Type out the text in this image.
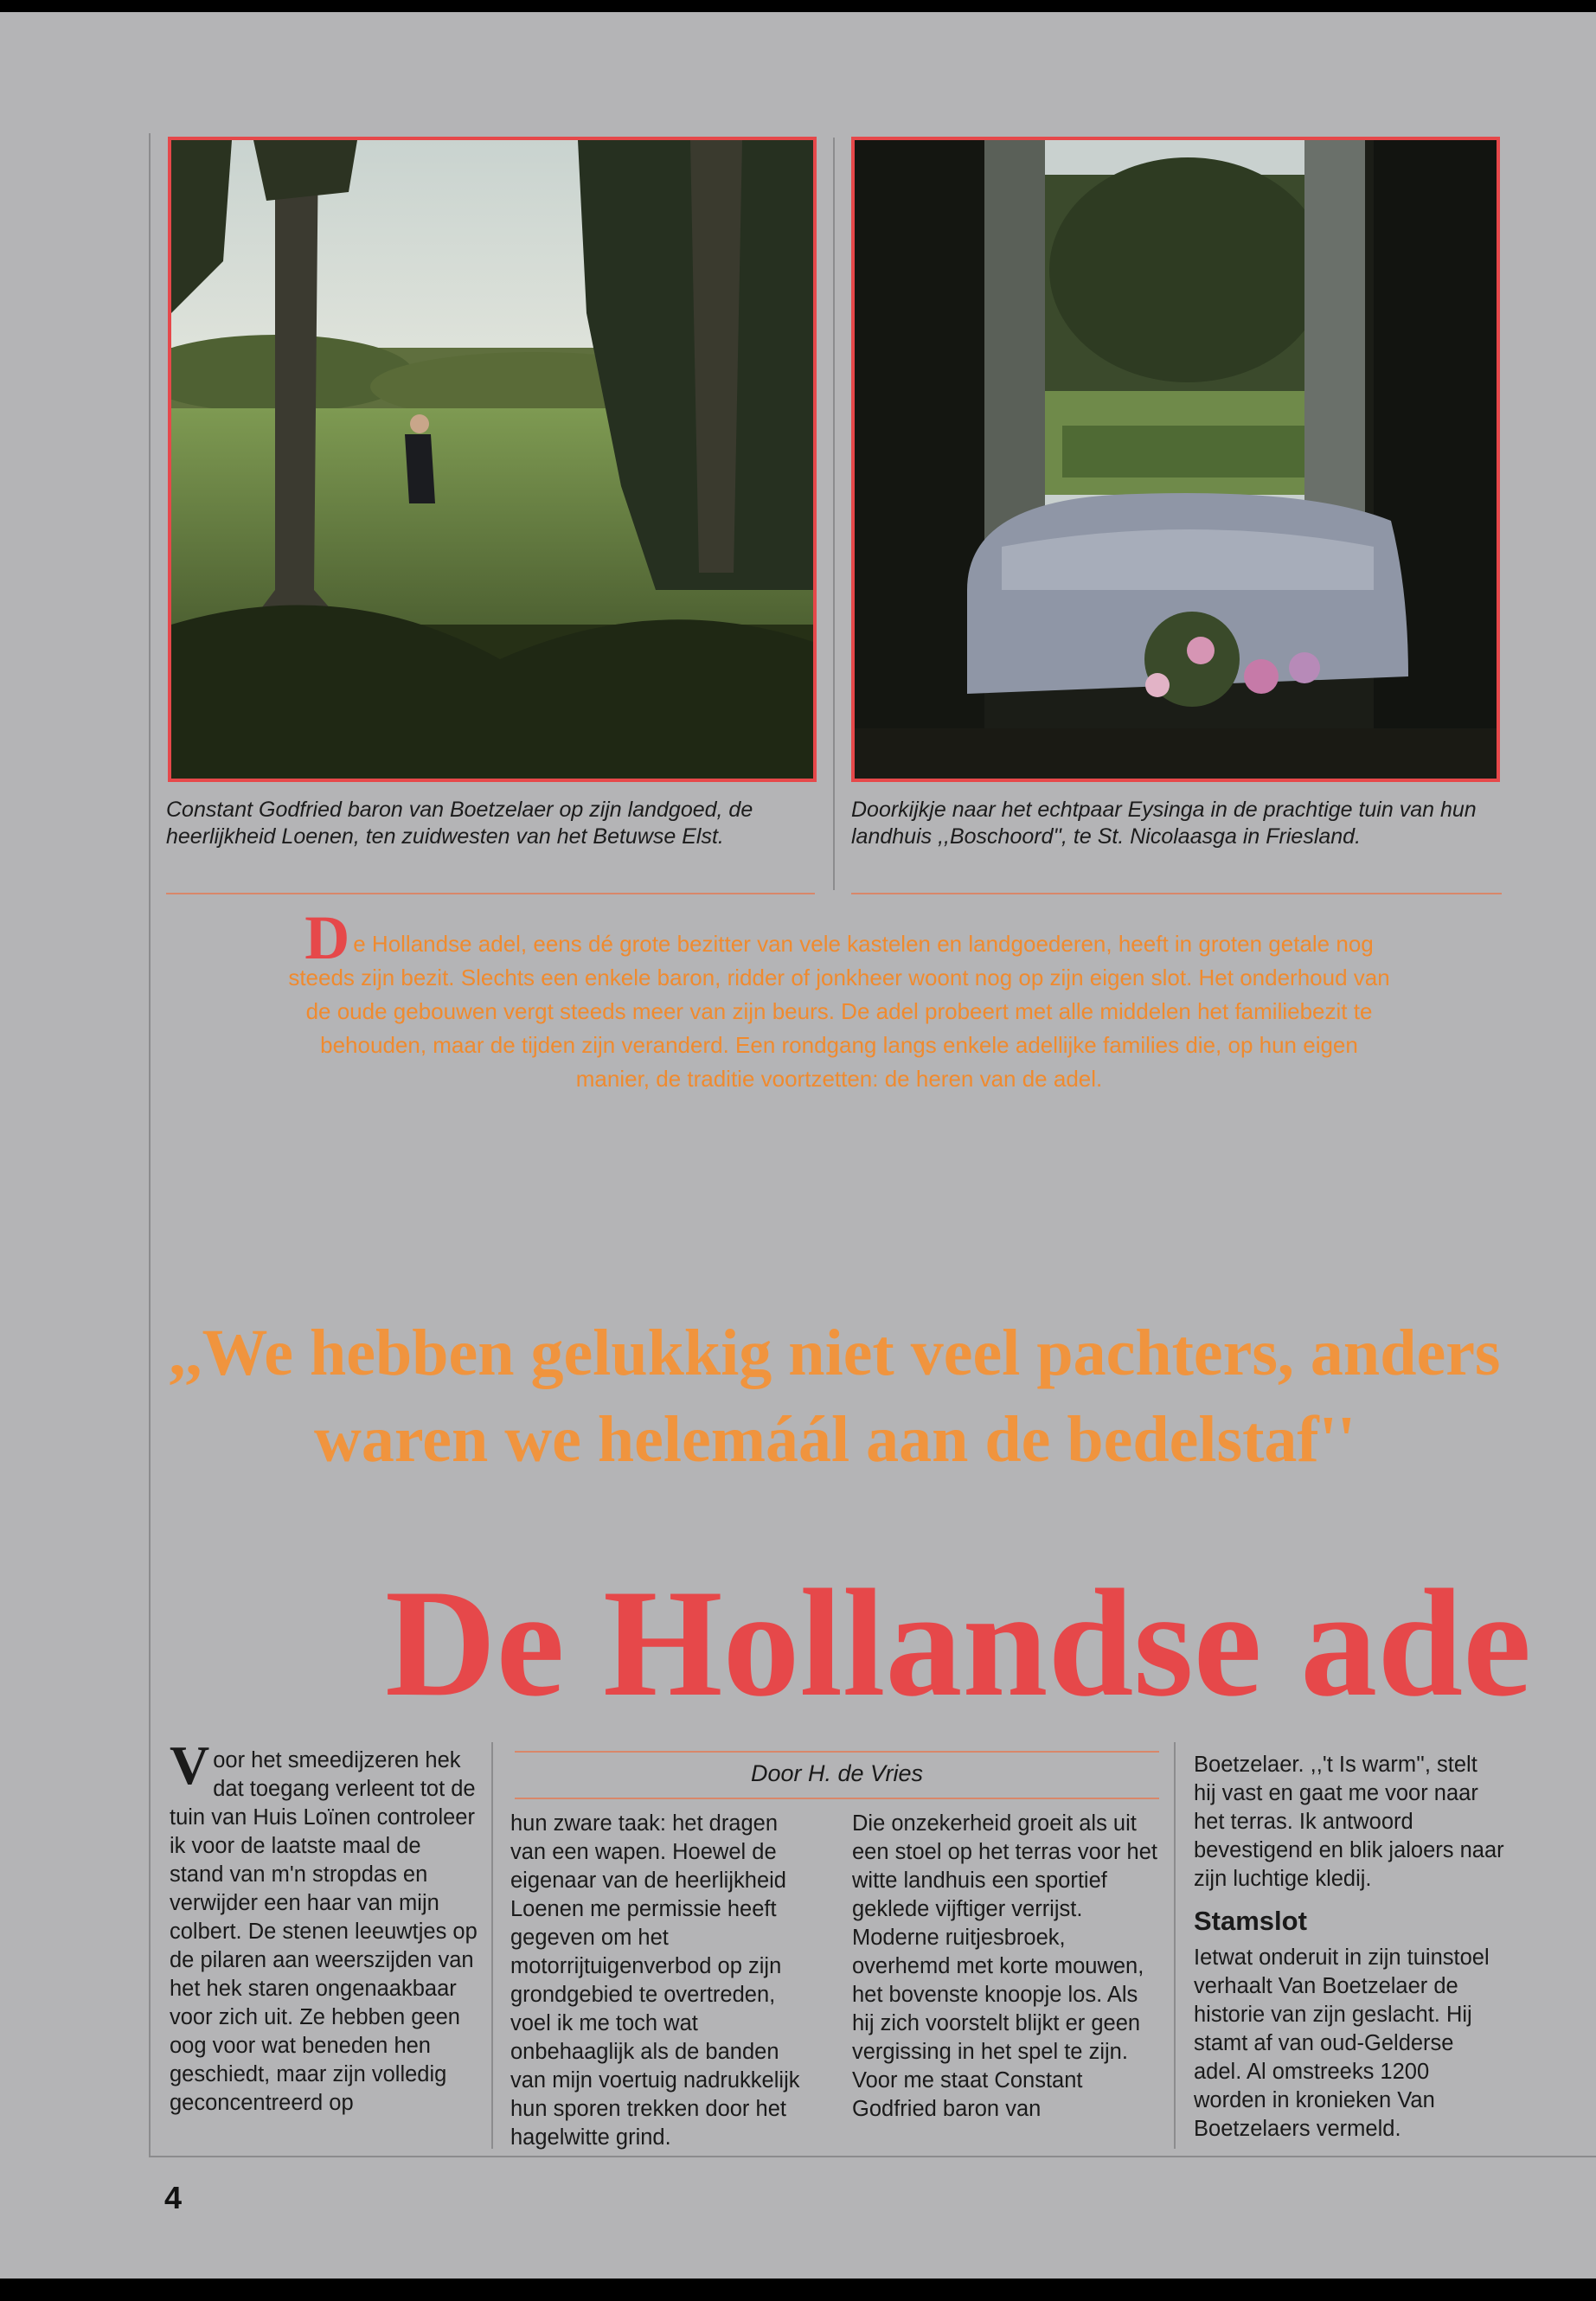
Constant Godfried baron van Boetzelaer op zijn landgoed, de heerlijkheid Loenen, ten zuidwesten van het Betuwse Elst.

Doorkijkje naar het echtpaar Eysinga in de prachtige tuin van hun landhuis ,,Boschoord'', te St. Nicolaasga in Friesland.

De Hollandse adel, eens dé grote bezitter van vele kastelen en landgoederen, heeft in groten getale nog steeds zijn bezit. Slechts een enkele baron, ridder of jonkheer woont nog op zijn eigen slot. Het onderhoud van de oude gebouwen vergt steeds meer van zijn beurs. De adel probeert met alle middelen het familiebezit te behouden, maar de tijden zijn veranderd. Een rondgang langs enkele adellijke families die, op hun eigen manier, de traditie voortzetten: de heren van de adel.

,,We hebben gelukkig niet veel pachters, anders waren we helemáál aan de bedelstaf''

De Hollandse ade
Door H. de Vries
Voor het smeedijzeren hek dat toegang verleent tot de tuin van Huis Loïnen controleer ik voor de laatste maal de stand van m'n stropdas en verwijder een haar van mijn colbert. De stenen leeuwtjes op de pilaren aan weerszijden van het hek staren ongenaakbaar voor zich uit. Ze hebben geen oog voor wat beneden hen geschiedt, maar zijn volledig geconcentreerd op
hun zware taak: het dragen van een wapen. Hoewel de eigenaar van de heerlijkheid Loenen me permissie heeft gegeven om het motorrijtuigenverbod op zijn grondgebied te overtreden, voel ik me toch wat onbehaaglijk als de banden van mijn voertuig nadrukkelijk hun sporen trekken door het hagelwitte grind.
Die onzekerheid groeit als uit een stoel op het terras voor het witte landhuis een sportief geklede vijftiger verrijst. Moderne ruitjesbroek, overhemd met korte mouwen, het bovenste knoopje los. Als hij zich voorstelt blijkt er geen vergissing in het spel te zijn. Voor me staat Constant Godfried baron van
Boetzelaer. ,,'t Is warm'', stelt hij vast en gaat me voor naar het terras. Ik antwoord bevestigend en blik jaloers naar zijn luchtige kledij.
Stamslot
Ietwat onderuit in zijn tuinstoel verhaalt Van Boetzelaer de historie van zijn geslacht. Hij stamt af van oud-Gelderse adel. Al omstreeks 1200 worden in kronieken Van Boetzelaers vermeld.
4
